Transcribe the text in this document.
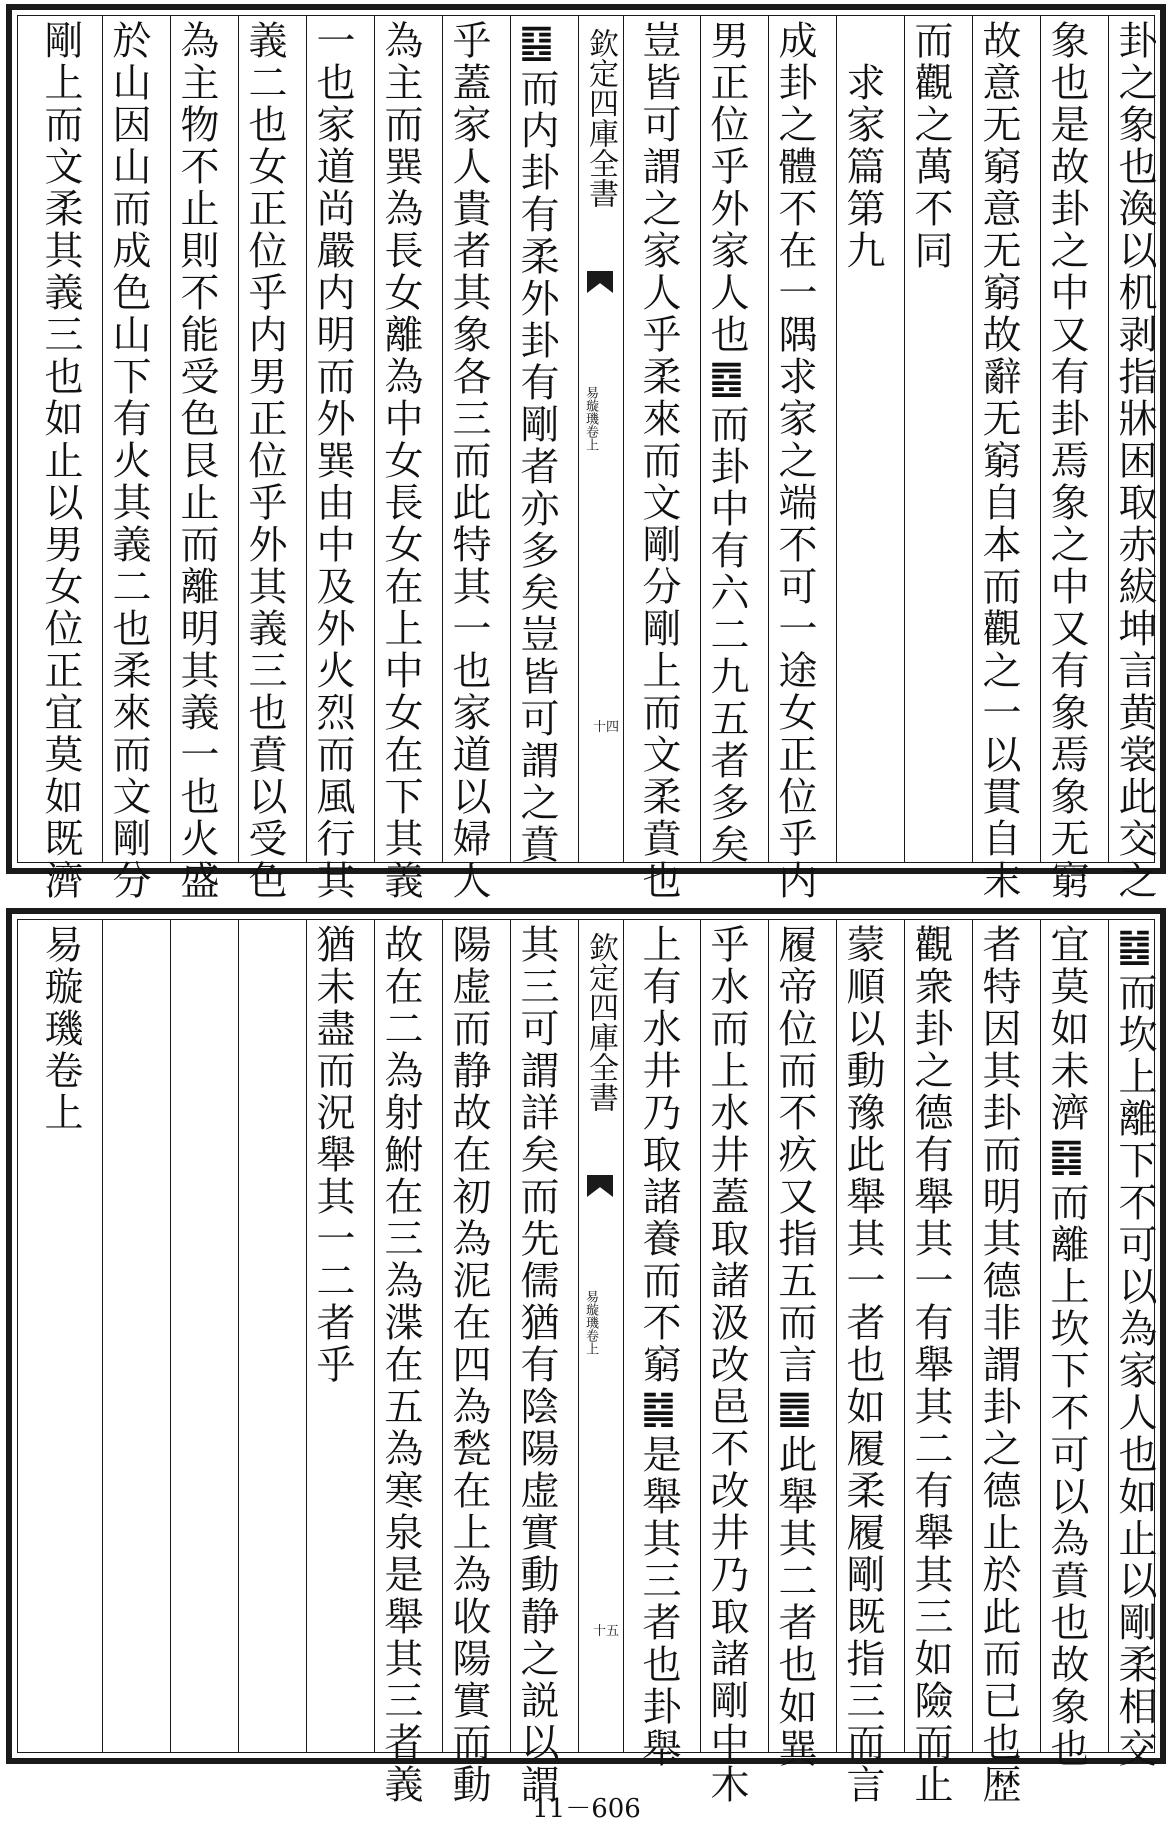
卦之象也渙以机剥指牀困取赤紱坤言黄裳此交之
象也是故卦之中又有卦焉象之中又有象焉象无窮
故意无窮意无窮故辭无窮自本而觀之一以貫自末
而觀之萬不同
　求家篇第九
成卦之體不在一隅求家之端不可一途女正位乎内
男正位乎外家人也䷤而卦中有六二九五者多矣
豈皆可謂之家人乎柔來而文剛分剛上而文柔賁也
欽定四庫全書
易璇璣卷上
十四
䷕而内卦有柔外卦有剛者亦多矣豈皆可謂之賁
乎蓋家人貴者其象各三而此特其一也家道以婦人
為主而巽為長女離為中女長女在上中女在下其義
一也家道尚嚴内明而外巽由中及外火烈而風行其
義二也女正位乎内男正位乎外其義三也賁以受色
為主物不止則不能受色艮止而離明其義一也火盛
於山因山而成色山下有火其義二也柔來而文剛分
剛上而文柔其義三也如止以男女位正宜莫如既濟
䷾而坎上離下不可以為家人也如止以剛柔相交
宜莫如未濟䷿而離上坎下不可以為賁也故象也
者特因其卦而明其德非謂卦之德止於此而已也歴
觀衆卦之德有舉其一有舉其二有舉其三如險而止
蒙順以動豫此舉其一者也如履柔履剛既指三而言
履帝位而不疚又指五而言䷉此舉其二者也如巽
乎水而上水井蓋取諸汲改邑不改井乃取諸剛中木
上有水井乃取諸養而不窮䷯是舉其三者也卦舉
欽定四庫全書
易璇璣卷上
十五
其三可謂詳矣而先儒猶有陰陽虚實動静之説以謂
陽虚而静故在初為泥在四為甃在上為收陽實而動
故在二為射鮒在三為渫在五為寒泉是舉其三者義
猶未盡而況舉其一二者乎
易璇璣卷上
11－606
